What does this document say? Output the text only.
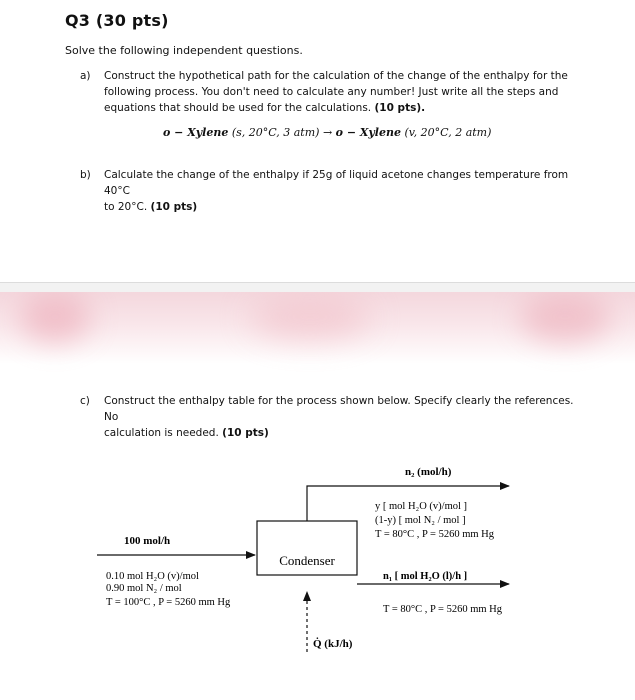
Q3 (30 pts)
Solve the following independent questions.
a) Construct the hypothetical path for the calculation of the change of the enthalpy for the
following process. You don't need to calculate any number! Just write all the steps and
equations that should be used for the calculations. (10 pts).
o − Xylene (s, 20°C, 3 atm) → o − Xylene (v, 20°C, 2 atm)
b) Calculate the change of the enthalpy if 25g of liquid acetone changes temperature from 40°C
to 20°C. (10 pts)
c) Construct the enthalpy table for the process shown below. Specify clearly the references. No
calculation is needed. (10 pts)
Condenser
100 mol/h
0.10 mol H₂O (v)/mol
0.90 mol N₂ / mol
T = 100°C , P = 5260 mm Hg
n₂ (mol/h)
y [ mol H₂O (v)/mol ]
(1-y) [ mol N₂ / mol ]
T = 80°C , P = 5260 mm Hg
n₁ [ mol H₂O (l)/h ]
T = 80°C , P = 5260 mm Hg
Q̇ (kJ/h)
